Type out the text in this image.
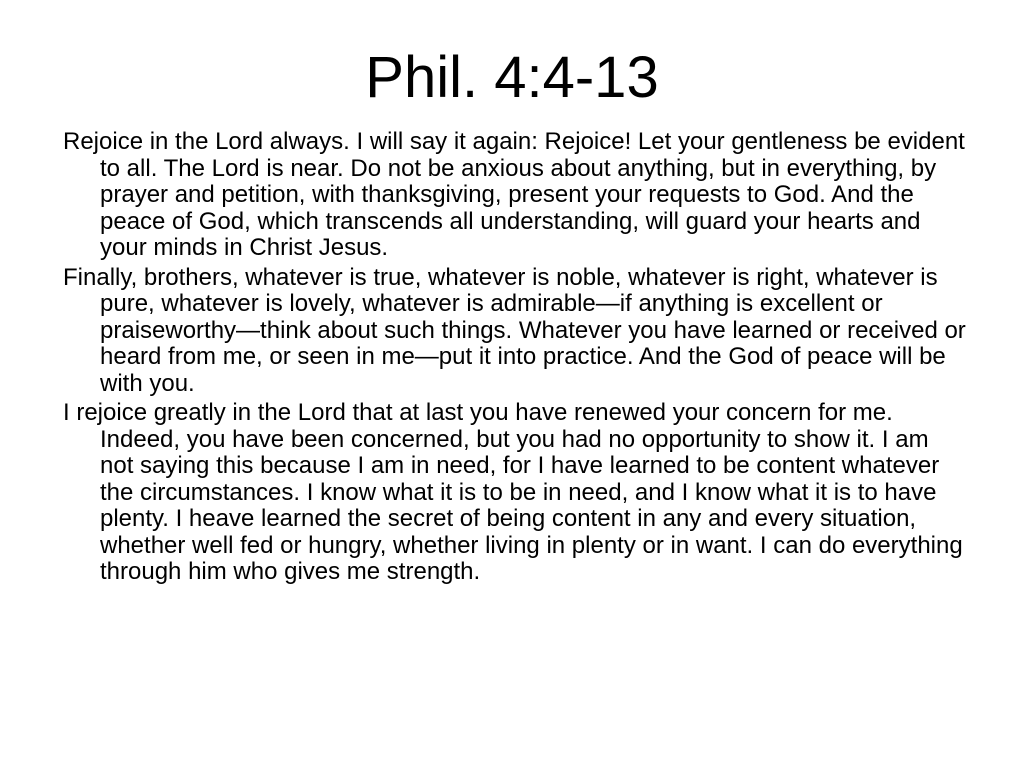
Phil. 4:4-13

Rejoice in the Lord always. I will say it again: Rejoice! Let your gentleness be evident to all. The Lord is near. Do not be anxious about anything, but in everything, by prayer and petition, with thanksgiving, present your requests to God. And the peace of God, which transcends all understanding, will guard your hearts and your minds in Christ Jesus.

Finally, brothers, whatever is true, whatever is noble, whatever is right, whatever is pure, whatever is lovely, whatever is admirable—if anything is excellent or praiseworthy—think about such things. Whatever you have learned or received or heard from me, or seen in me—put it into practice. And the God of peace will be with you.

I rejoice greatly in the Lord that at last you have renewed your concern for me. Indeed, you have been concerned, but you had no opportunity to show it. I am not saying this because I am in need, for I have learned to be content whatever the circumstances. I know what it is to be in need, and I know what it is to have plenty. I heave learned the secret of being content in any and every situation, whether well fed or hungry, whether living in plenty or in want. I can do everything through him who gives me strength.
